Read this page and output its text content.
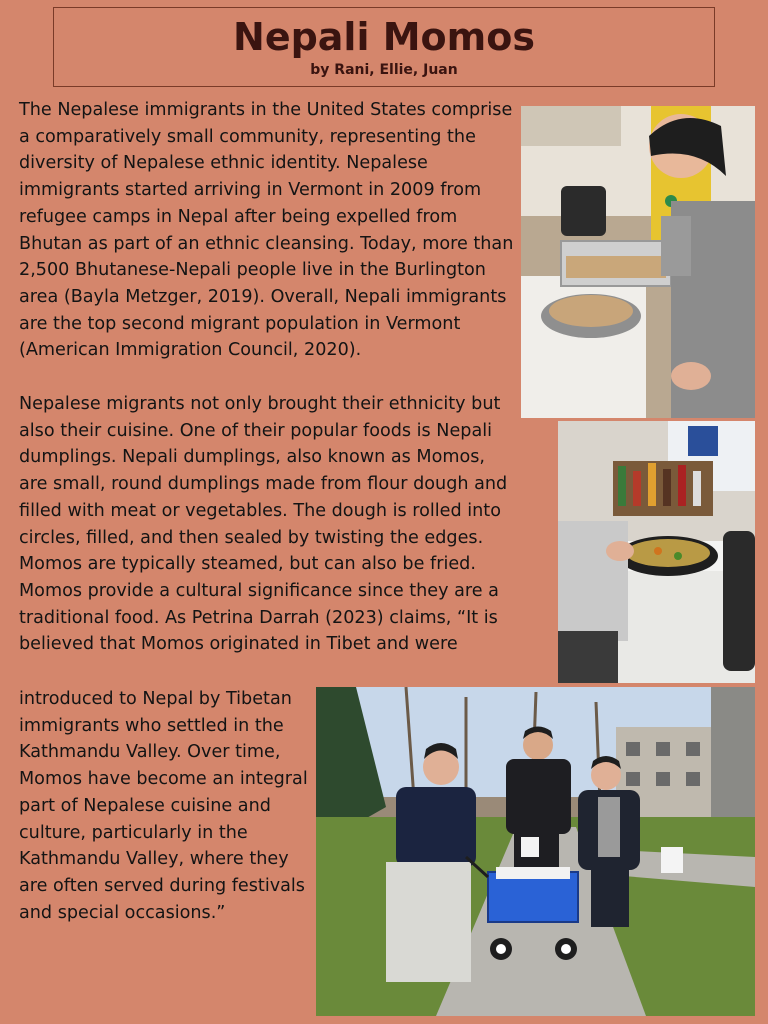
Nepali Momos
by Rani, Ellie, Juan

The Nepalese immigrants in the United States comprise a comparatively small community, representing the diversity of Nepalese ethnic identity. Nepalese immigrants started arriving in Vermont in 2009 from refugee camps in Nepal after being expelled from Bhutan as part of an ethnic cleansing. Today, more than 2,500 Bhutanese-Nepali people live in the Burlington area (Bayla Metzger, 2019). Overall, Nepali immigrants are the top second migrant population in Vermont (American Immigration Council, 2020).

Nepalese migrants not only brought their ethnicity but also their cuisine. One of their popular foods is Nepali dumplings. Nepali dumplings, also known as Momos, are small, round dumplings made from flour dough and filled with meat or vegetables. The dough is rolled into circles, filled, and then sealed by twisting the edges. Momos are typically steamed, but can also be fried. Momos provide a cultural significance since they are a traditional food. As Petrina Darrah (2023) claims, “It is believed that Momos originated in Tibet and were

introduced to Nepal by Tibetan immigrants who settled in the Kathmandu Valley. Over time, Momos have become an integral part of Nepalese cuisine and culture, particularly in the Kathmandu Valley, where they are often served during festivals and special occasions.”
